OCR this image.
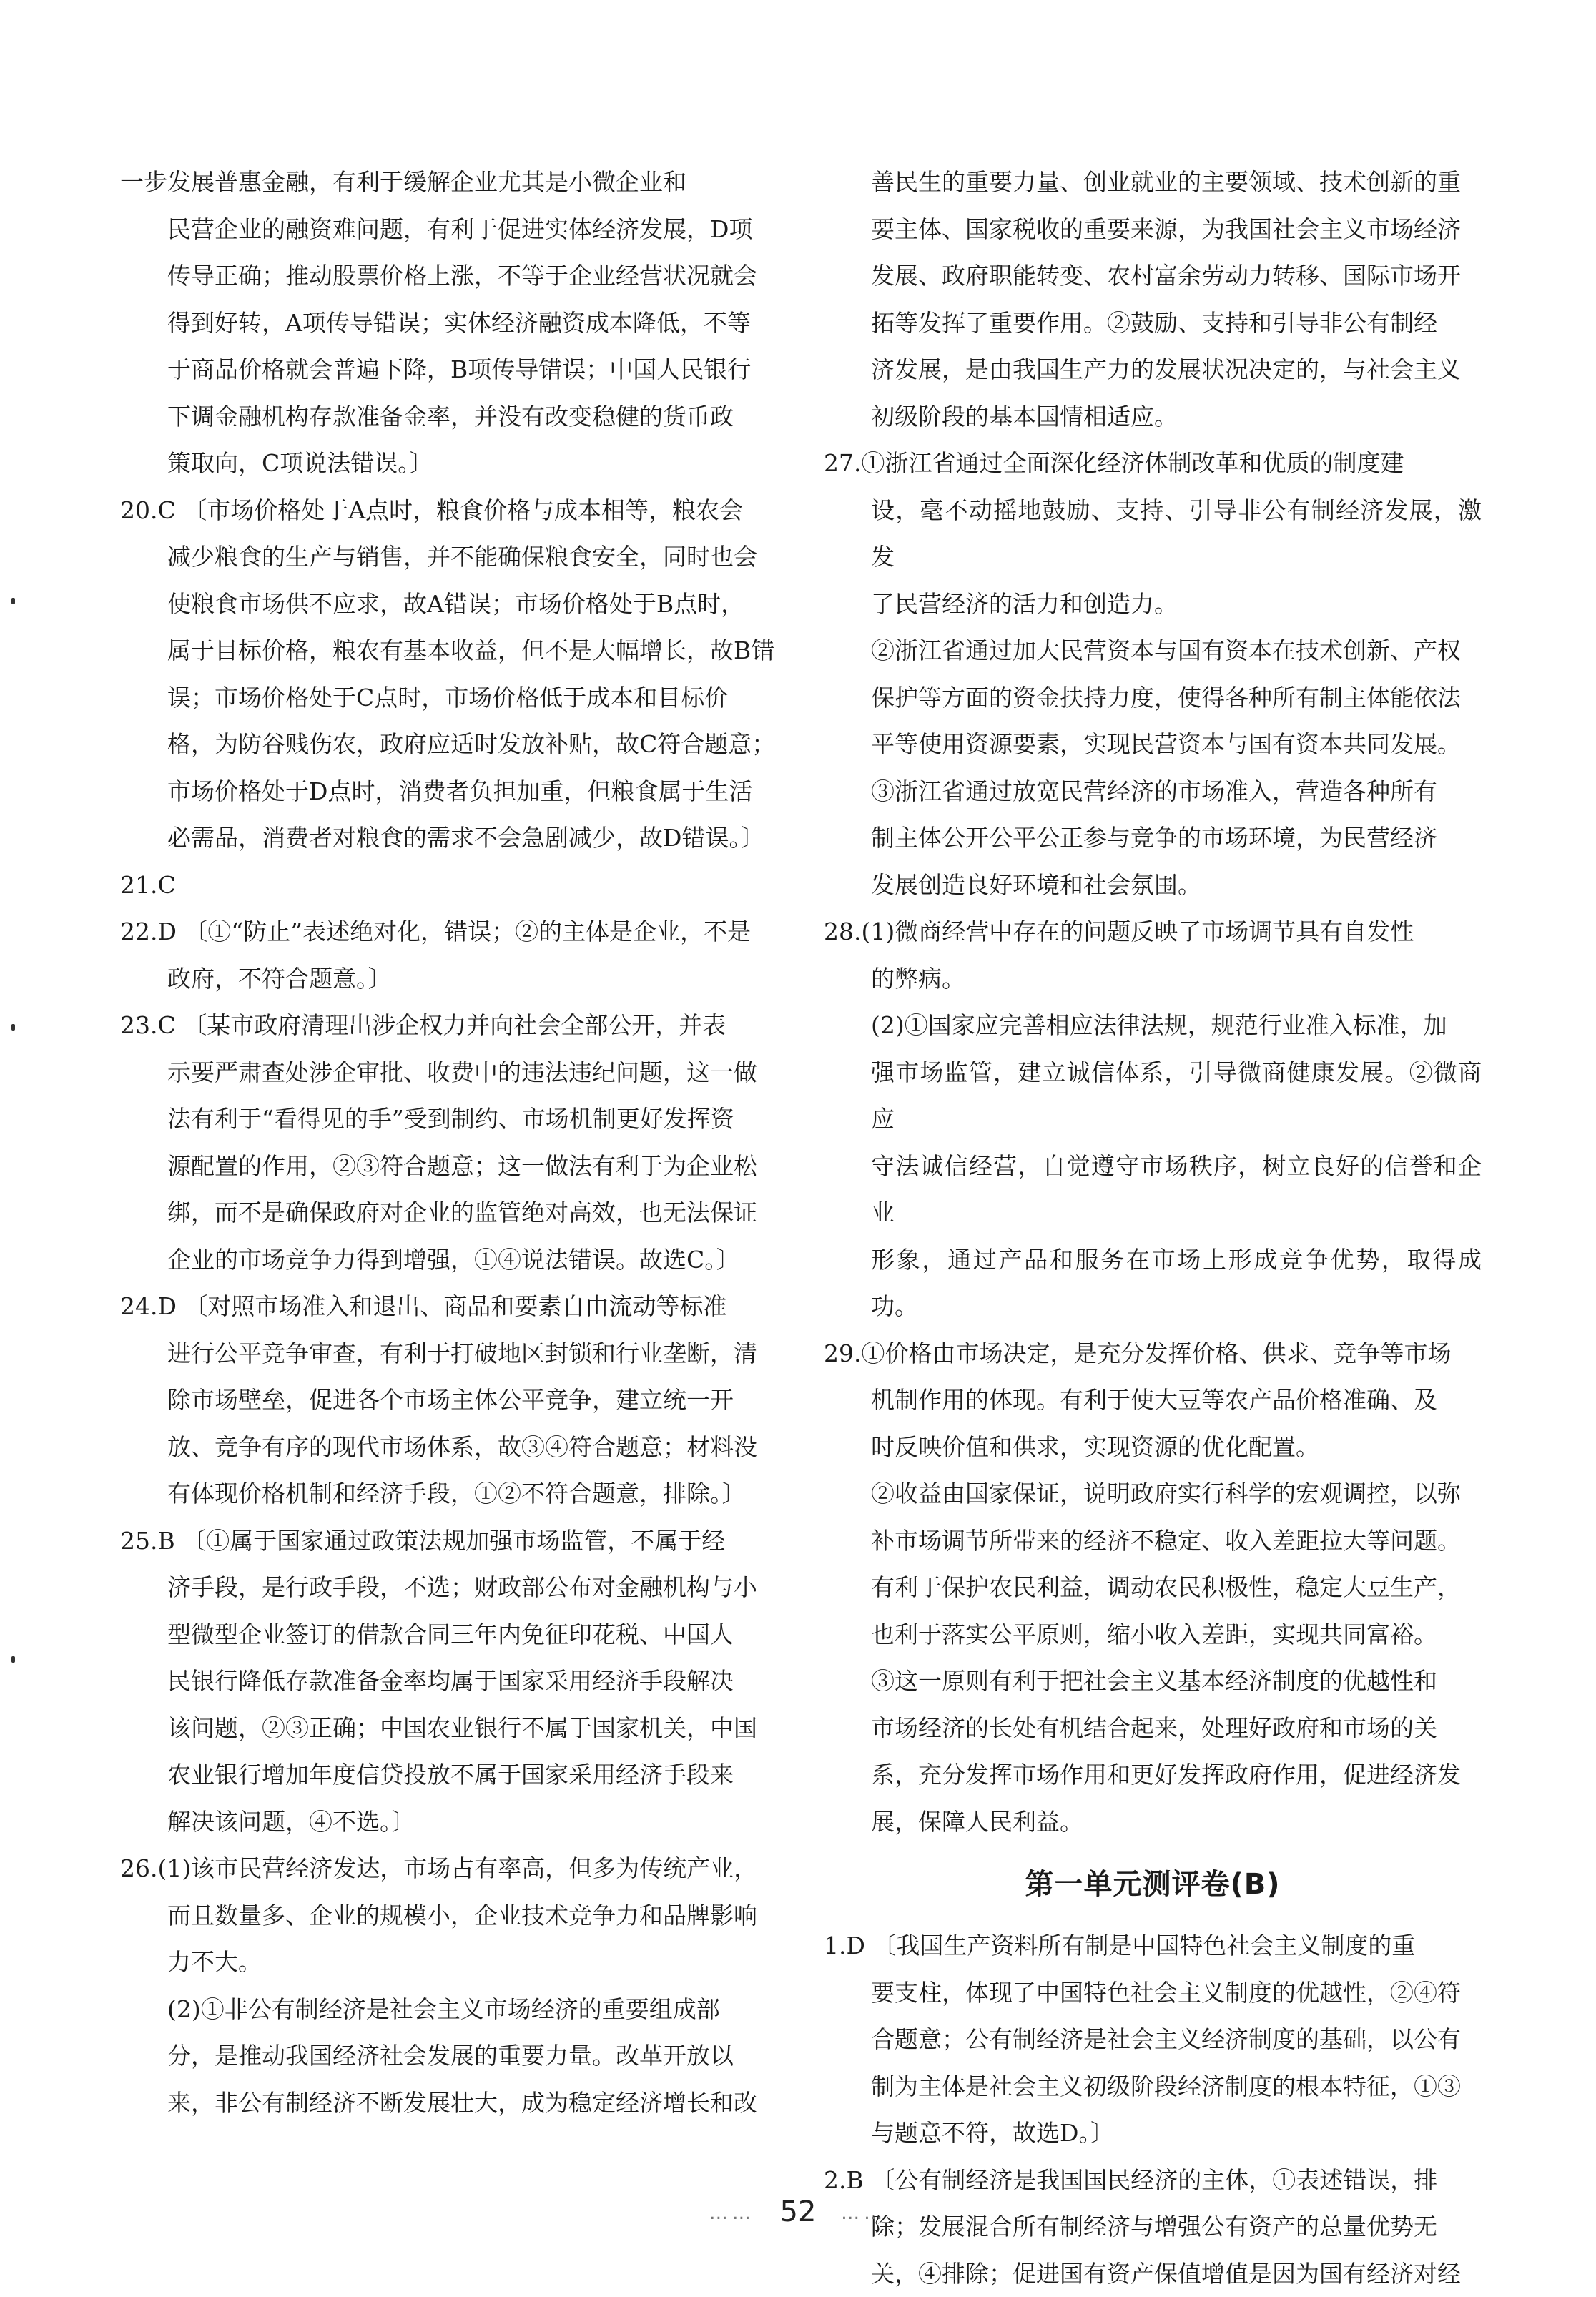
一步发展普惠金融，有利于缓解企业尤其是小微企业和

民营企业的融资难问题，有利于促进实体经济发展，D项

传导正确；推动股票价格上涨，不等于企业经营状况就会

得到好转，A项传导错误；实体经济融资成本降低，不等

于商品价格就会普遍下降，B项传导错误；中国人民银行

下调金融机构存款准备金率，并没有改变稳健的货币政

策取向，C项说法错误。〕

20.C 〔市场价格处于A点时，粮食价格与成本相等，粮农会

减少粮食的生产与销售，并不能确保粮食安全，同时也会

使粮食市场供不应求，故A错误；市场价格处于B点时，

属于目标价格，粮农有基本收益，但不是大幅增长，故B错

误；市场价格处于C点时，市场价格低于成本和目标价

格，为防谷贱伤农，政府应适时发放补贴，故C符合题意；

市场价格处于D点时，消费者负担加重，但粮食属于生活

必需品，消费者对粮食的需求不会急剧减少，故D错误。〕

21.C

22.D 〔①“防止”表述绝对化，错误；②的主体是企业，不是

政府，不符合题意。〕

23.C 〔某市政府清理出涉企权力并向社会全部公开，并表

示要严肃查处涉企审批、收费中的违法违纪问题，这一做

法有利于“看得见的手”受到制约、市场机制更好发挥资

源配置的作用，②③符合题意；这一做法有利于为企业松

绑，而不是确保政府对企业的监管绝对高效，也无法保证

企业的市场竞争力得到增强，①④说法错误。故选C。〕

24.D 〔对照市场准入和退出、商品和要素自由流动等标准

进行公平竞争审查，有利于打破地区封锁和行业垄断，清

除市场壁垒，促进各个市场主体公平竞争，建立统一开

放、竞争有序的现代市场体系，故③④符合题意；材料没

有体现价格机制和经济手段，①②不符合题意，排除。〕

25.B 〔①属于国家通过政策法规加强市场监管，不属于经

济手段，是行政手段，不选；财政部公布对金融机构与小

型微型企业签订的借款合同三年内免征印花税、中国人

民银行降低存款准备金率均属于国家采用经济手段解决

该问题，②③正确；中国农业银行不属于国家机关，中国

农业银行增加年度信贷投放不属于国家采用经济手段来

解决该问题，④不选。〕

26.(1)该市民营经济发达，市场占有率高，但多为传统产业，

而且数量多、企业的规模小，企业技术竞争力和品牌影响

力不大。

(2)①非公有制经济是社会主义市场经济的重要组成部

分，是推动我国经济社会发展的重要力量。改革开放以

来，非公有制经济不断发展壮大，成为稳定经济增长和改

善民生的重要力量、创业就业的主要领域、技术创新的重

要主体、国家税收的重要来源，为我国社会主义市场经济

发展、政府职能转变、农村富余劳动力转移、国际市场开

拓等发挥了重要作用。②鼓励、支持和引导非公有制经

济发展，是由我国生产力的发展状况决定的，与社会主义

初级阶段的基本国情相适应。

27.①浙江省通过全面深化经济体制改革和优质的制度建

设，毫不动摇地鼓励、支持、引导非公有制经济发展，激发

了民营经济的活力和创造力。

②浙江省通过加大民营资本与国有资本在技术创新、产权

保护等方面的资金扶持力度，使得各种所有制主体能依法

平等使用资源要素，实现民营资本与国有资本共同发展。

③浙江省通过放宽民营经济的市场准入，营造各种所有

制主体公开公平公正参与竞争的市场环境，为民营经济

发展创造良好环境和社会氛围。

28.(1)微商经营中存在的问题反映了市场调节具有自发性

的弊病。

(2)①国家应完善相应法律法规，规范行业准入标准，加

强市场监管，建立诚信体系，引导微商健康发展。②微商应

守法诚信经营，自觉遵守市场秩序，树立良好的信誉和企业

形象，通过产品和服务在市场上形成竞争优势，取得成功。

29.①价格由市场决定，是充分发挥价格、供求、竞争等市场

机制作用的体现。有利于使大豆等农产品价格准确、及

时反映价值和供求，实现资源的优化配置。

②收益由国家保证，说明政府实行科学的宏观调控，以弥

补市场调节所带来的经济不稳定、收入差距拉大等问题。

有利于保护农民利益，调动农民积极性，稳定大豆生产，

也利于落实公平原则，缩小收入差距，实现共同富裕。

③这一原则有利于把社会主义基本经济制度的优越性和

市场经济的长处有机结合起来，处理好政府和市场的关

系，充分发挥市场作用和更好发挥政府作用，促进经济发

展，保障人民利益。

第一单元测评卷(B)

1.D 〔我国生产资料所有制是中国特色社会主义制度的重

要支柱，体现了中国特色社会主义制度的优越性，②④符

合题意；公有制经济是社会主义经济制度的基础，以公有

制为主体是社会主义初级阶段经济制度的根本特征，①③

与题意不符，故选D。〕

2.B 〔公有制经济是我国国民经济的主体，①表述错误，排

除；发展混合所有制经济与增强公有资产的总量优势无

关，④排除；促进国有资产保值增值是因为国有经济对经

…… 52 ……
